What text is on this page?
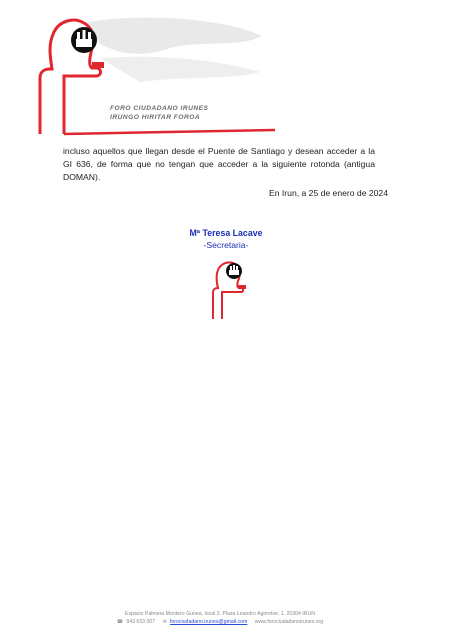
FORO CIUDADANO IRUNES
IRUNGO HIRITAR FOROA
incluso aquellos que llegan desde el Puente de Santiago y desean acceder a la GI 636, de forma que no tengan que acceder a la siguiente rotonda (antigua DOMAN).
En Irun, a 25 de enero de 2024
Mª Teresa Lacave
-Secretaria-
Espacio Palmera Montero Gunea, local 3. Plaza Leandro Agirretxe, 1. 20304 IRUN
☎ 943 633 007 ✉ forociudadano.irunes@gmail.com www.forociudadanoirunes.org
